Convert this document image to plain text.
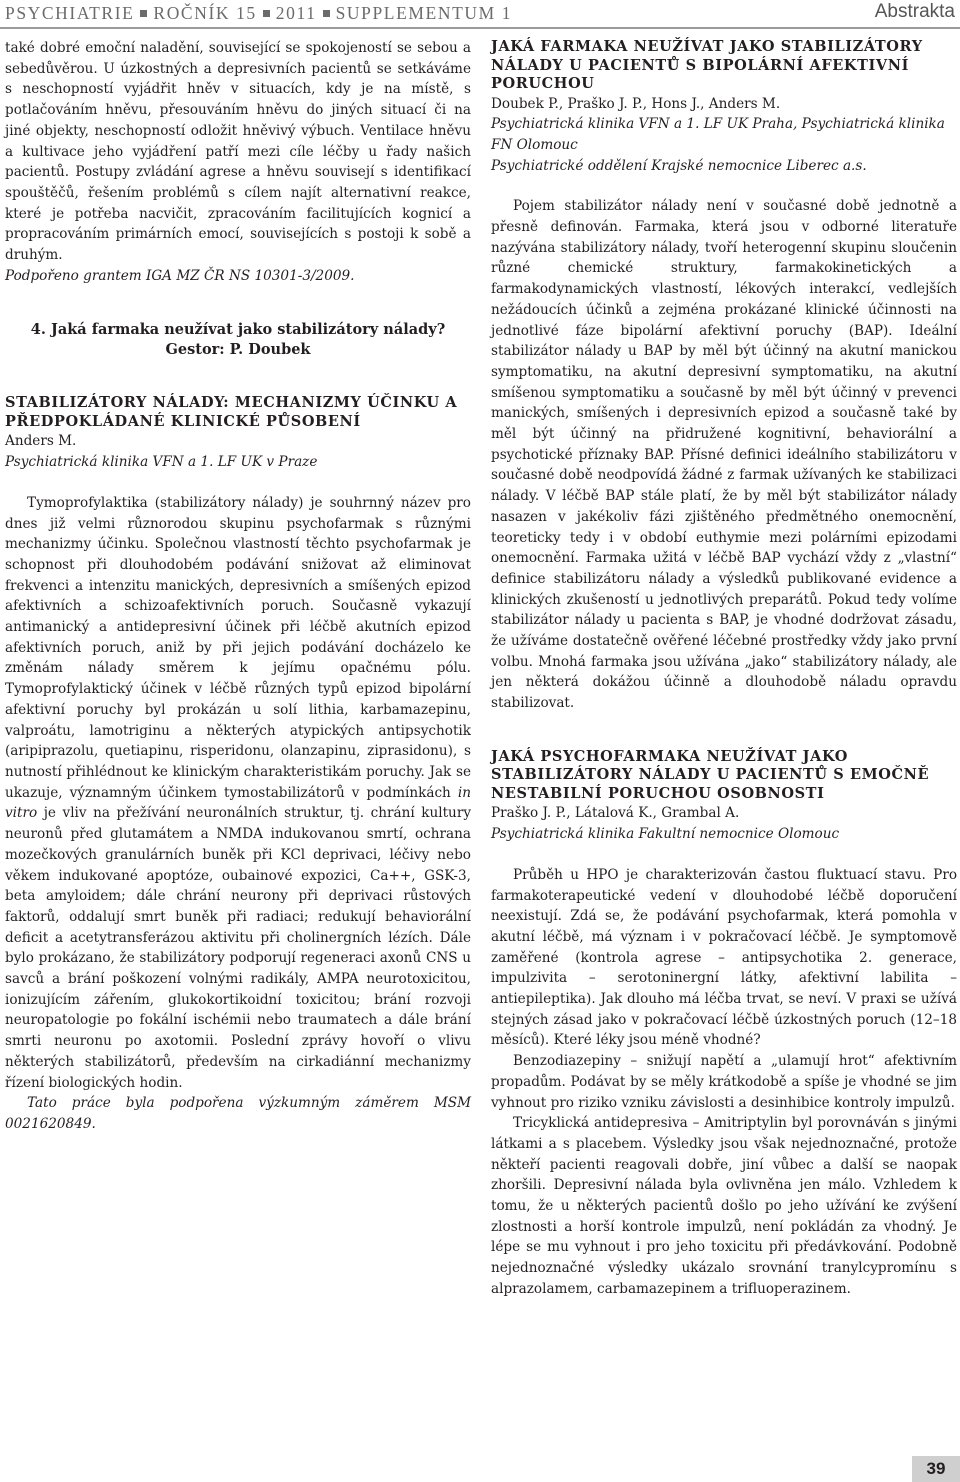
PSYCHIATRIE ROČNÍK 15 2011 SUPPLEMENTUM 1	Abstrakta

také dobré emoční naladění, související se spokojeností se sebou a sebedůvěrou. U úzkostných a depresivních pacientů se setkáváme s neschopností vyjádřit hněv v situacích, kdy je na místě, s potlačováním hněvu, přesouváním hněvu do jiných situací či na jiné objekty, neschopností odložit hněvivý výbuch. Ventilace hněvu a kultivace jeho vyjádření patří mezi cíle léčby u řady našich pacientů. Postupy zvládání agrese a hněvu souvisejí s identifikací spouštěčů, řešením problémů s cílem najít alternativní reakce, které je potřeba nacvičit, zpracováním facilitujících kognicí a propracováním primárních emocí, souvisejících s postoji k sobě a druhým.

Podpořeno grantem IGA MZ ČR NS 10301-3/2009.

4. Jaká farmaka neužívat jako stabilizátory nálady?
Gestor: P. Doubek
STABILIZÁTORY NÁLADY: MECHANIZMY ÚČINKU A PŘEDPOKLÁDANÉ KLINICKÉ PŮSOBENÍ
Anders M.
Psychiatrická klinika VFN a 1. LF UK v Praze

Tymoprofylaktika (stabilizátory nálady) je souhrnný název pro dnes již velmi různorodou skupinu psychofarmak s různými mechanizmy účinku. Společnou vlastností těchto psychofarmak je schopnost při dlouhodobém podávání snižovat až eliminovat frekvenci a intenzitu manických, depresivních a smíšených epizod afektivních a schizoafektivních poruch. Současně vykazují antimanický a antidepresivní účinek při léčbě akutních epizod afektivních poruch, aniž by při jejich podávání docházelo ke změnám nálady směrem k jejímu opačnému pólu. Tymoprofylaktický účinek v léčbě různých typů epizod bipolární afektivní poruchy byl prokázán u solí lithia, karbamazepinu, valproátu, lamotriginu a některých atypických antipsychotik (aripiprazolu, quetiapinu, risperidonu, olanzapinu, ziprasidonu), s nutností přihlédnout ke klinickým charakteristikám poruchy. Jak se ukazuje, významným účinkem tymostabilizátorů v podmínkách in vitro je vliv na přežívání neuronálních struktur, tj. chrání kultury neuronů před glutamátem a NMDA indukovanou smrtí, ochrana mozečkových granulárních buněk při KCl deprivaci, léčivy nebo věkem indukované apoptóze, oubainové expozici, Ca++, GSK-3, beta amyloidem; dále chrání neurony při deprivaci růstových faktorů, oddalují smrt buněk při radiaci; redukují behaviorální deficit a acetytransferázou aktivitu při cholinergních lézích. Dále bylo prokázano, že stabilizátory podporují regeneraci axonů CNS u savců a brání poškození volnými radikály, AMPA neurotoxicitou, ionizujícím zářením, glukokortikoidní toxicitou; brání rozvoji neuropatologie po fokální ischémii nebo traumatech a dále brání smrti neuronu po axotomii. Poslední zprávy hovoří o vlivu některých stabilizátorů, především na cirkadiánní mechanizmy řízení biologických hodin.

Tato práce byla podpořena výzkumným záměrem MSM 0021620849.

JAKÁ FARMAKA NEUŽÍVAT JAKO STABILIZÁTORY NÁLADY U PACIENTŮ S BIPOLÁRNÍ AFEKTIVNÍ PORUCHOU
Doubek P., Praško J. P., Hons J., Anders M.
Psychiatrická klinika VFN a 1. LF UK Praha, Psychiatrická klinika FN Olomouc
Psychiatrické oddělení Krajské nemocnice Liberec a.s.

Pojem stabilizátor nálady není v současné době jednotně a přesně definován. Farmaka, která jsou v odborné literatuře nazývána stabilizátory nálady, tvoří heterogenní skupinu sloučenin různé chemické struktury, farmakokinetických a farmakodynamických vlastností, lékových interakcí, vedlejších nežádoucích účinků a zejména prokázané klinické účinnosti na jednotlivé fáze bipolární afektivní poruchy (BAP). Ideální stabilizátor nálady u BAP by měl být účinný na akutní manickou symptomatiku, na akutní depresivní symptomatiku, na akutní smíšenou symptomatiku a současně by měl být účinný v prevenci manických, smíšených i depresivních epizod a současně také by měl být účinný na přidružené kognitivní, behaviorální a psychotické příznaky BAP. Přísné definici ideálního stabilizátoru v současné době neodpovídá žádné z farmak užívaných ke stabilizaci nálady. V léčbě BAP stále platí, že by měl být stabilizátor nálady nasazen v jakékoliv fázi zjištěného předmětného onemocnění, teoreticky tedy i v období euthymie mezi polárními epizodami onemocnění. Farmaka užitá v léčbě BAP vychází vždy z „vlastní“ definice stabilizátoru nálady a výsledků publikované evidence a klinických zkušeností u jednotlivých preparátů. Pokud tedy volíme stabilizátor nálady u pacienta s BAP, je vhodné dodržovat zásadu, že užíváme dostatečně ověřené léčebné prostředky vždy jako první volbu. Mnohá farmaka jsou užívána „jako“ stabilizátory nálady, ale jen některá dokážou účinně a dlouhodobě náladu opravdu stabilizovat.

JAKÁ PSYCHOFARMAKA NEUŽÍVAT JAKO STABILIZÁTORY NÁLADY U PACIENTŮ S EMOČNĚ NESTABILNÍ PORUCHOU OSOBNOSTI
Praško J. P., Látalová K., Grambal A.
Psychiatrická klinika Fakultní nemocnice Olomouc

Průběh u HPO je charakterizován častou fluktuací stavu. Pro farmakoterapeutické vedení v dlouhodobé léčbě doporučení neexistují. Zdá se, že podávání psychofarmak, která pomohla v akutní léčbě, má význam i v pokračovací léčbě. Je symptomově zaměřené (kontrola agrese – antipsychotika 2. generace, impulzivita – serotoninergní látky, afektivní labilita – antiepileptika). Jak dlouho má léčba trvat, se neví. V praxi se užívá stejných zásad jako v pokračovací léčbě úzkostných poruch (12–18 měsíců). Které léky jsou méně vhodné?

Benzodiazepiny – snižují napětí a „ulamují hrot“ afektivním propadům. Podávat by se měly krátkodobě a spíše je vhodné se jim vyhnout pro riziko vzniku závislosti a desinhibice kontroly impulzů.

Tricyklická antidepresiva – Amitriptylin byl porovnáván s jinými látkami a s placebem. Výsledky jsou však nejednoznačné, protože někteří pacienti reagovali dobře, jiní vůbec a další se naopak zhoršili. Depresivní nálada byla ovlivněna jen málo. Vzhledem k tomu, že u některých pacientů došlo po jeho užívání ke zvýšení zlostnosti a horší kontrole impulzů, není pokládán za vhodný. Je lépe se mu vyhnout i pro jeho toxicitu při předávkování. Podobně nejednoznačné výsledky ukázalo srovnání tranylcypromínu s alprazolamem, carbamazepinem a trifluoperazinem.

39
